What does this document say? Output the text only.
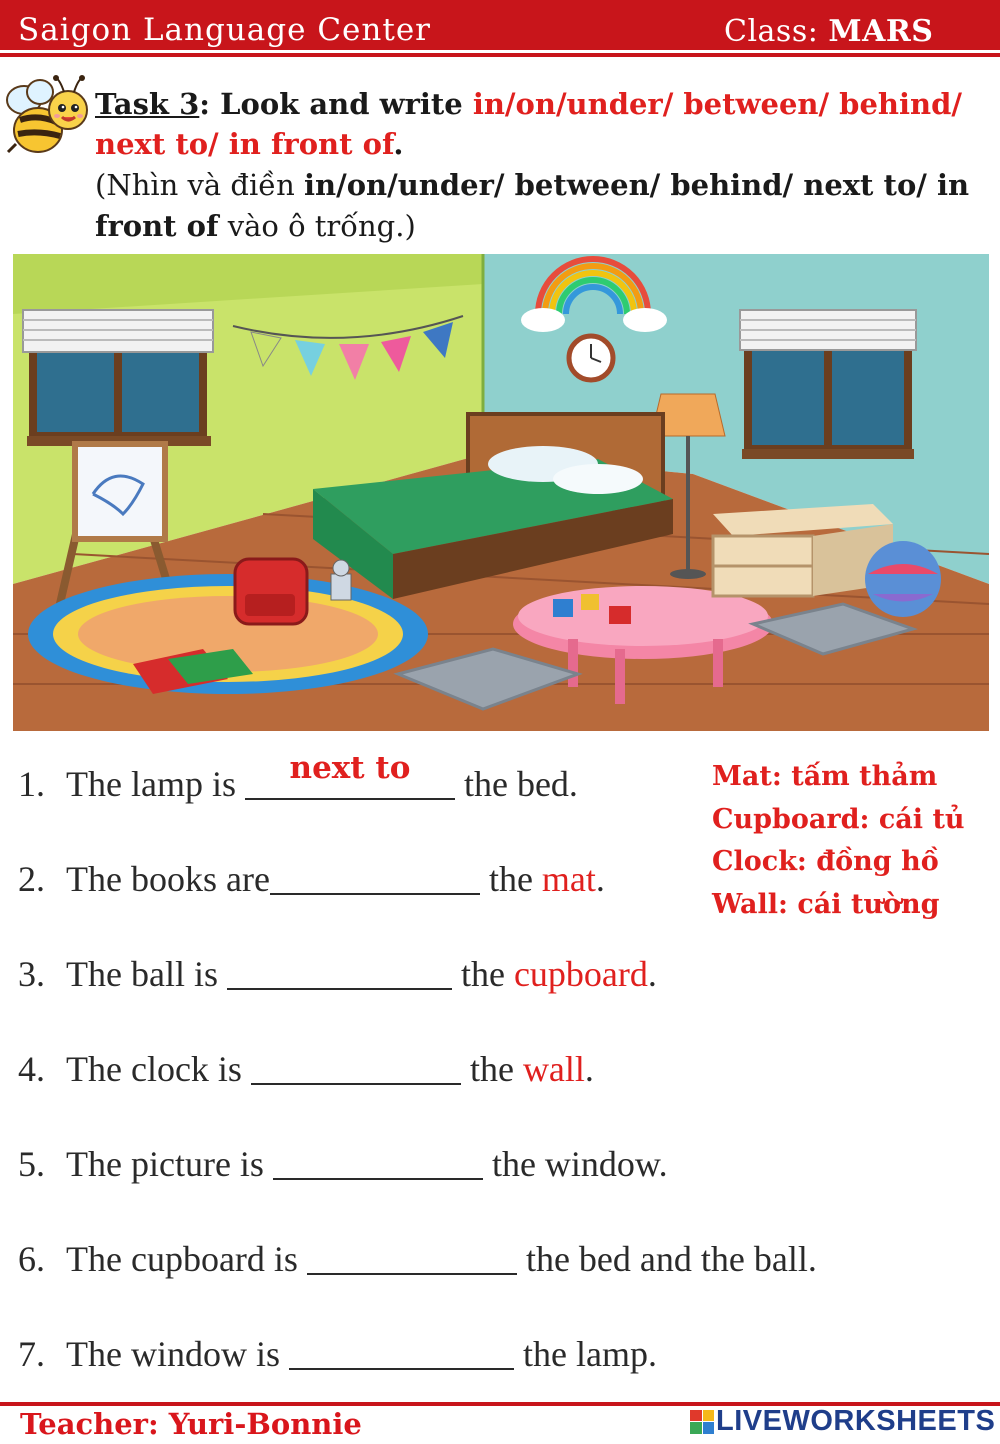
Saigon Language Center	Class: MARS
Task 3: Look and write in/on/under/ between/ behind/ next to/ in front of.
(Nhìn và điền in/on/under/ between/ behind/ next to/ in front of vào ô trống.)
1. The lamp is	next to	the bed.
2. The books are	the mat.
3. The ball is	the cupboard.
4. The clock is	the wall.
5. The picture is	the window.
6. The cupboard is	the bed and the ball.
7. The window is	the lamp.
Mat: tấm thảm
Cupboard: cái tủ
Clock: đồng hồ
Wall: cái tường
Teacher: Yuri-Bonnie	LIVEWORKSHEETS
